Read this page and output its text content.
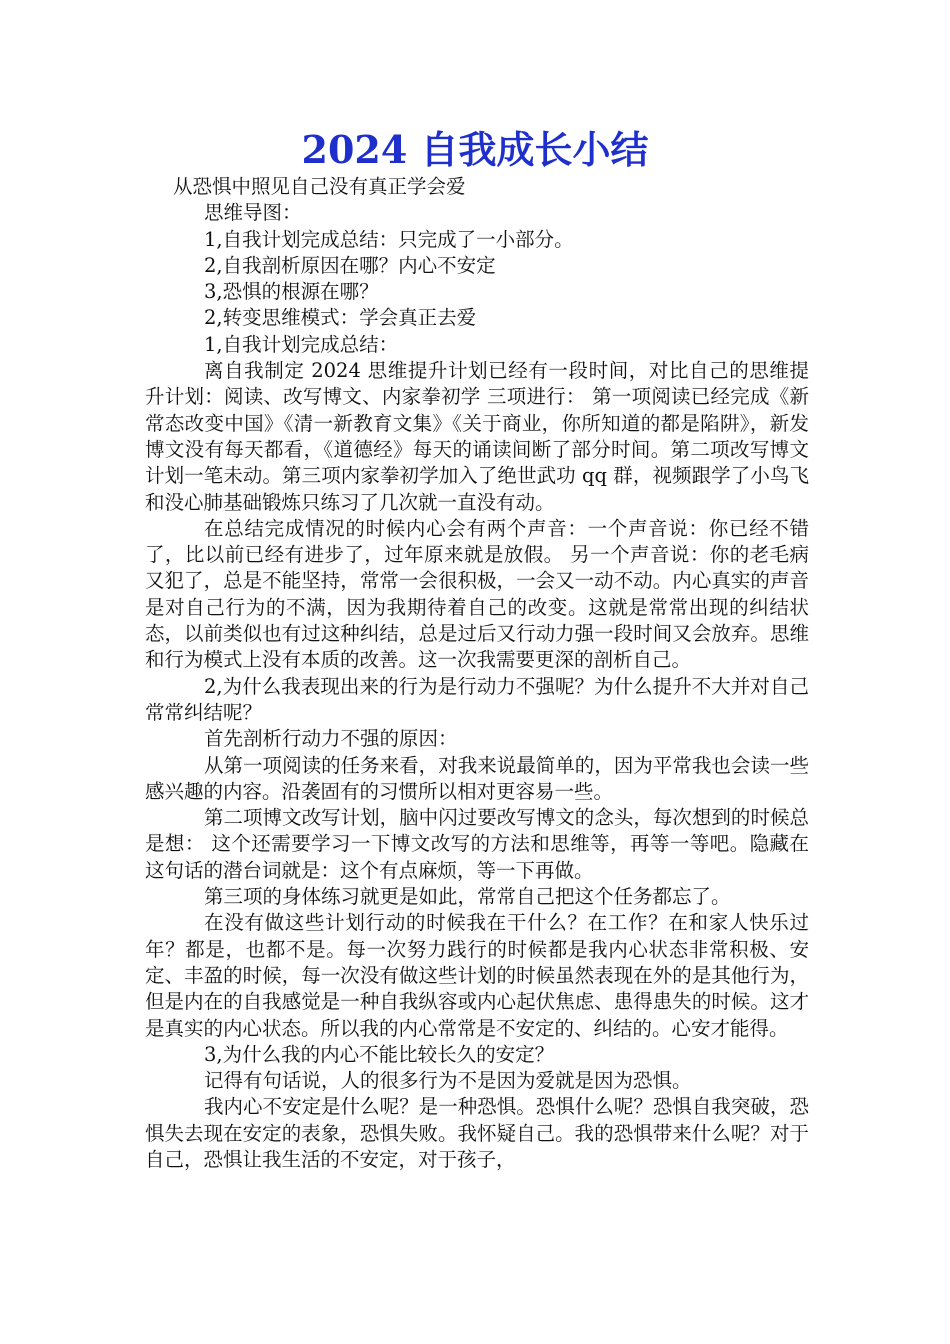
2024 自我成长小结

从恐惧中照见自己没有真正学会爱

思维导图：

1,自我计划完成总结：只完成了一小部分。

2,自我剖析原因在哪？内心不安定

3,恐惧的根源在哪？

2,转变思维模式：学会真正去爱

1,自我计划完成总结：

离自我制定 2024 思维提升计划已经有一段时间，对比自己的思维提升计划：阅读、改写博文、内家拳初学 三项进行： 第一项阅读已经完成《新常态改变中国》《清一新教育文集》《关于商业，你所知道的都是陷阱》，新发博文没有每天都看，《道德经》每天的诵读间断了部分时间。第二项改写博文计划一笔未动。第三项内家拳初学加入了绝世武功 qq 群，视频跟学了小鸟飞和没心肺基础锻炼只练习了几次就一直没有动。

在总结完成情况的时候内心会有两个声音：一个声音说：你已经不错了，比以前已经有进步了，过年原来就是放假。 另一个声音说：你的老毛病又犯了，总是不能坚持，常常一会很积极，一会又一动不动。内心真实的声音是对自己行为的不满，因为我期待着自己的改变。这就是常常出现的纠结状态，以前类似也有过这种纠结，总是过后又行动力强一段时间又会放弃。思维和行为模式上没有本质的改善。这一次我需要更深的剖析自己。

2,为什么我表现出来的行为是行动力不强呢？为什么提升不大并对自己常常纠结呢？

首先剖析行动力不强的原因：

从第一项阅读的任务来看，对我来说最简单的，因为平常我也会读一些感兴趣的内容。沿袭固有的习惯所以相对更容易一些。

第二项博文改写计划，脑中闪过要改写博文的念头，每次想到的时候总是想： 这个还需要学习一下博文改写的方法和思维等，再等一等吧。隐藏在这句话的潜台词就是：这个有点麻烦，等一下再做。

第三项的身体练习就更是如此，常常自己把这个任务都忘了。

在没有做这些计划行动的时候我在干什么？在工作？在和家人快乐过年？都是，也都不是。每一次努力践行的时候都是我内心状态非常积极、安定、丰盈的时候，每一次没有做这些计划的时候虽然表现在外的是其他行为，但是内在的自我感觉是一种自我纵容或内心起伏焦虑、患得患失的时候。这才是真实的内心状态。所以我的内心常常是不安定的、纠结的。心安才能得。

3,为什么我的内心不能比较长久的安定？

记得有句话说，人的很多行为不是因为爱就是因为恐惧。

我内心不安定是什么呢？是一种恐惧。恐惧什么呢？恐惧自我突破，恐惧失去现在安定的表象，恐惧失败。我怀疑自己。我的恐惧带来什么呢？对于自己，恐惧让我生活的不安定，对于孩子，
